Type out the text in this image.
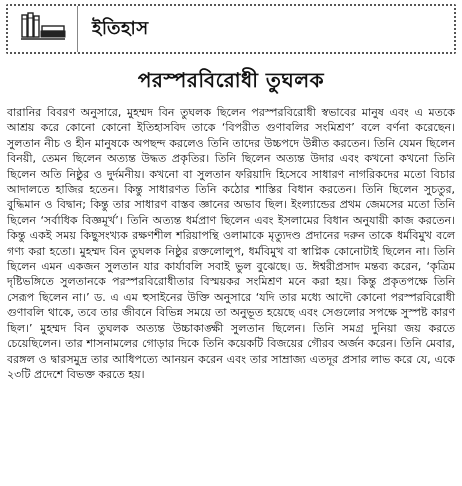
ইতিহাস
পরস্পরবিরোধী তুঘলক

বারানির বিবরণ অনুসারে, মুহম্মদ বিন তুঘলক ছিলেন পরস্পরবিরোধী স্বভাবের মানুষ এবং এ মতকে আশ্রয় করে কোনো কোনো ইতিহাসবিদ তাকে ‘বিপরীত গুণাবলির সংমিশ্রণ’ বলে বর্ণনা করেছেন। সুলতান নীচ ও হীন মানুষকে অপছন্দ করলেও তিনি তাদের উচ্চপদে উন্নীত করতেন। তিনি যেমন ছিলেন বিনয়ী, তেমন ছিলেন অত্যন্ত উদ্ধত প্রকৃতির। তিনি ছিলেন অত্যন্ত উদার এবং কখনো কখনো তিনি ছিলেন অতি নিষ্ঠুর ও দুর্দমনীয়। কখনো বা সুলতান ফরিয়াদি হিসেবে সাধারণ নাগরিকদের মতো বিচার আদালতে হাজির হতেন। কিন্তু সাধারণত তিনি কঠোর শাস্তির বিধান করতেন। তিনি ছিলেন সুচতুর, বুদ্ধিমান ও বিদ্বান; কিন্তু তার সাধারণ বাস্তব জ্ঞানের অভাব ছিল। ইংল্যান্ডের প্রথম জেমসের মতো তিনি ছিলেন ‘সর্বাধিক বিজ্ঞমূর্খ’। তিনি অত্যন্ত ধর্মপ্রাণ ছিলেন এবং ইসলামের বিধান অনুযায়ী কাজ করতেন। কিন্তু একই সময় কিছুসংখ্যক রক্ষণশীল শরিয়াপন্থি ওলামাকে মৃত্যুদণ্ড প্রদানের দরুন তাকে ধর্মবিমুখ বলে গণ্য করা হতো। মুহম্মদ বিন তুঘলক নিষ্ঠুর রক্তলোলুপ, ধর্মবিমুখ বা স্বাপ্নিক কোনোটাই ছিলেন না। তিনি ছিলেন এমন একজন সুলতান যার কার্যাবলি সবাই ভুল বুঝেছে। ড. ঈশ্বরীপ্রসাদ মন্তব্য করেন, ‘কৃত্রিম দৃষ্টিভঙ্গিতে সুলতানকে পরস্পরবিরোধীতার বিস্ময়কর সংমিশ্রণ মনে করা হয়। কিন্তু প্রকৃতপক্ষে তিনি সেরূপ ছিলেন না।’ ড. এ এম হুসাইনের উক্তি অনুসারে ‘যদি তার মধ্যে আদৌ কোনো পরস্পরবিরোধী গুণাবলি থাকে, তবে তার জীবনে বিভিন্ন সময়ে তা অনুভূত হয়েছে এবং সেগুলোর সপক্ষে সুস্পষ্ট কারণ ছিল।’ মুহম্মদ বিন তুঘলক অত্যন্ত উচ্চাকাঙ্ক্ষী সুলতান ছিলেন। তিনি সমগ্র দুনিয়া জয় করতে চেয়েছিলেন। তার শাসনামলের গোড়ার দিকে তিনি কয়েকটি বিজয়ের গৌরব অর্জন করেন। তিনি মেবার, বরঙ্গল ও দ্বারসমুদ্র তার আধিপত্যে আনয়ন করেন এবং তার সাম্রাজ্য এতদূর প্রসার লাভ করে যে, একে ২৩টি প্রদেশে বিভক্ত করতে হয়।
